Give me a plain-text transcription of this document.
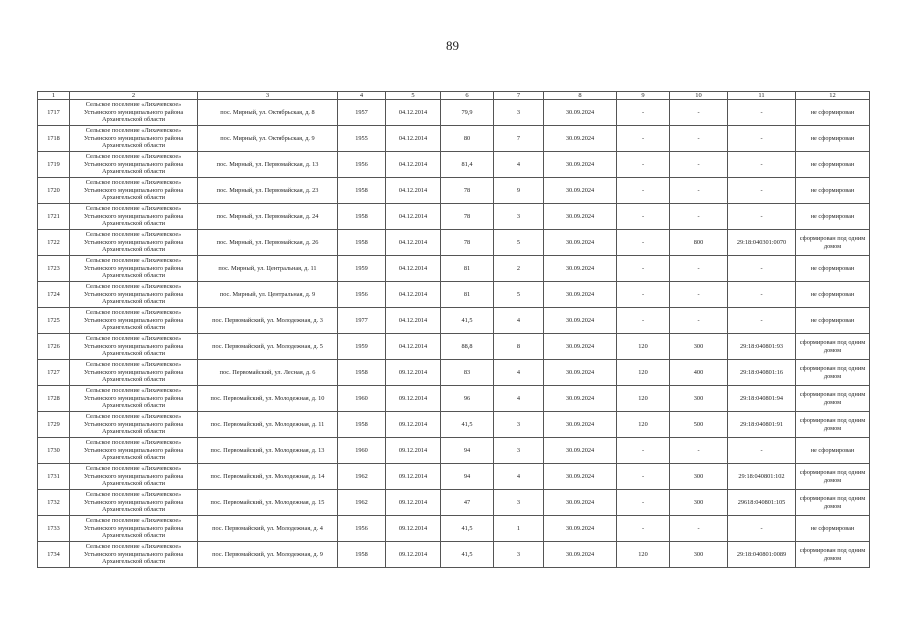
89
1	2	3	4	5	6	7	8	9	10	11	12
1717	Сельское поселение «Лихачевское» Устьянского муниципального района Архангельской области	пос. Мирный, ул. Октябрьская, д. 8	1957	04.12.2014	79,9	3	30.09.2024	-	-	-	не сформирован
1718	Сельское поселение «Лихачевское» Устьянского муниципального района Архангельской области	пос. Мирный, ул. Октябрьская, д. 9	1955	04.12.2014	80	7	30.09.2024	-	-	-	не сформирован
1719	Сельское поселение «Лихачевское» Устьянского муниципального района Архангельской области	пос. Мирный, ул. Первомайская, д. 13	1956	04.12.2014	81,4	4	30.09.2024	-	-	-	не сформирован
1720	Сельское поселение «Лихачевское» Устьянского муниципального района Архангельской области	пос. Мирный, ул. Первомайская, д. 23	1958	04.12.2014	78	9	30.09.2024	-	-	-	не сформирован
1721	Сельское поселение «Лихачевское» Устьянского муниципального района Архангельской области	пос. Мирный, ул. Первомайская, д. 24	1958	04.12.2014	78	3	30.09.2024	-	-	-	не сформирован
1722	Сельское поселение «Лихачевское» Устьянского муниципального района Архангельской области	пос. Мирный, ул. Первомайская, д. 26	1958	04.12.2014	78	5	30.09.2024	-	800	29:18:040301:0070	сформирован под одним домом
1723	Сельское поселение «Лихачевское» Устьянского муниципального района Архангельской области	пос. Мирный, ул. Центральная, д. 11	1959	04.12.2014	81	2	30.09.2024	-	-	-	не сформирован
1724	Сельское поселение «Лихачевское» Устьянского муниципального района Архангельской области	пос. Мирный, ул. Центральная, д. 9	1956	04.12.2014	81	5	30.09.2024	-	-	-	не сформирован
1725	Сельское поселение «Лихачевское» Устьянского муниципального района Архангельской области	пос. Первомайский, ул. Молодежная, д. 3	1977	04.12.2014	41,5	4	30.09.2024	-	-	-	не сформирован
1726	Сельское поселение «Лихачевское» Устьянского муниципального района Архангельской области	пос. Первомайский, ул. Молодежная, д. 5	1959	04.12.2014	88,8	8	30.09.2024	120	300	29:18:040801:93	сформирован под одним домом
1727	Сельское поселение «Лихачевское» Устьянского муниципального района Архангельской области	пос. Первомайский, ул. Лесная, д. 6	1958	09.12.2014	83	4	30.09.2024	120	400	29:18:040801:16	сформирован под одним домом
1728	Сельское поселение «Лихачевское» Устьянского муниципального района Архангельской области	пос. Первомайский, ул. Молодежная, д. 10	1960	09.12.2014	96	4	30.09.2024	120	300	29:18:040801:94	сформирован под одним домом
1729	Сельское поселение «Лихачевское» Устьянского муниципального района Архангельской области	пос. Первомайский, ул. Молодежная, д. 11	1958	09.12.2014	41,5	3	30.09.2024	120	500	29:18:040801:91	сформирован под одним домом
1730	Сельское поселение «Лихачевское» Устьянского муниципального района Архангельской области	пос. Первомайский, ул. Молодежная, д. 13	1960	09.12.2014	94	3	30.09.2024	-	-	-	не сформирован
1731	Сельское поселение «Лихачевское» Устьянского муниципального района Архангельской области	пос. Первомайский, ул. Молодежная, д. 14	1962	09.12.2014	94	4	30.09.2024	-	300	29:18:040801:102	сформирован под одним домом
1732	Сельское поселение «Лихачевское» Устьянского муниципального района Архангельской области	пос. Первомайский, ул. Молодежная, д. 15	1962	09.12.2014	47	3	30.09.2024	-	300	29618:040801:105	сформирован под одним домом
1733	Сельское поселение «Лихачевское» Устьянского муниципального района Архангельской области	пос. Первомайский, ул. Молодежная, д. 4	1956	09.12.2014	41,5	1	30.09.2024	-	-	-	не сформирован
1734	Сельское поселение «Лихачевское» Устьянского муниципального района Архангельской области	пос. Первомайский, ул. Молодежная, д. 9	1958	09.12.2014	41,5	3	30.09.2024	120	300	29:18:040801:0089	сформирован под одним домом
